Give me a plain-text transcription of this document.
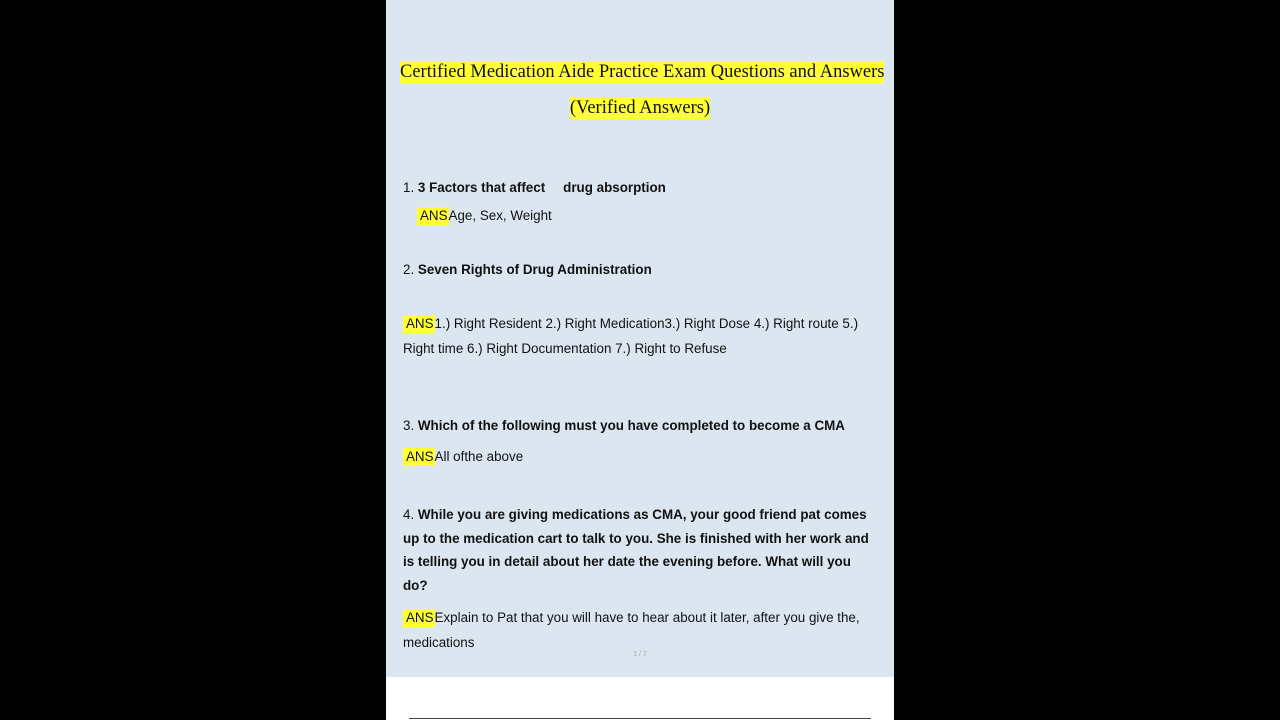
Certified Medication Aide Practice Exam Questions and Answers
(Verified Answers)
1. 3 Factors that affect drug absorption
ANSAge, Sex, Weight
2. Seven Rights of Drug Administration
ANS1.) Right Resident 2.) Right Medication3.) Right Dose 4.) Right route 5.)
Right time 6.) Right Documentation 7.) Right to Refuse
3. Which of the following must you have completed to become a CMA
ANSAll ofthe above
4. While you are giving medications as CMA, your good friend pat comes
up to the medication cart to talk to you. She is finished with her work and
is telling you in detail about her date the evening before. What will you
do?
ANSExplain to Pat that you will have to hear about it later, after you give the,
medications
1 / 7
